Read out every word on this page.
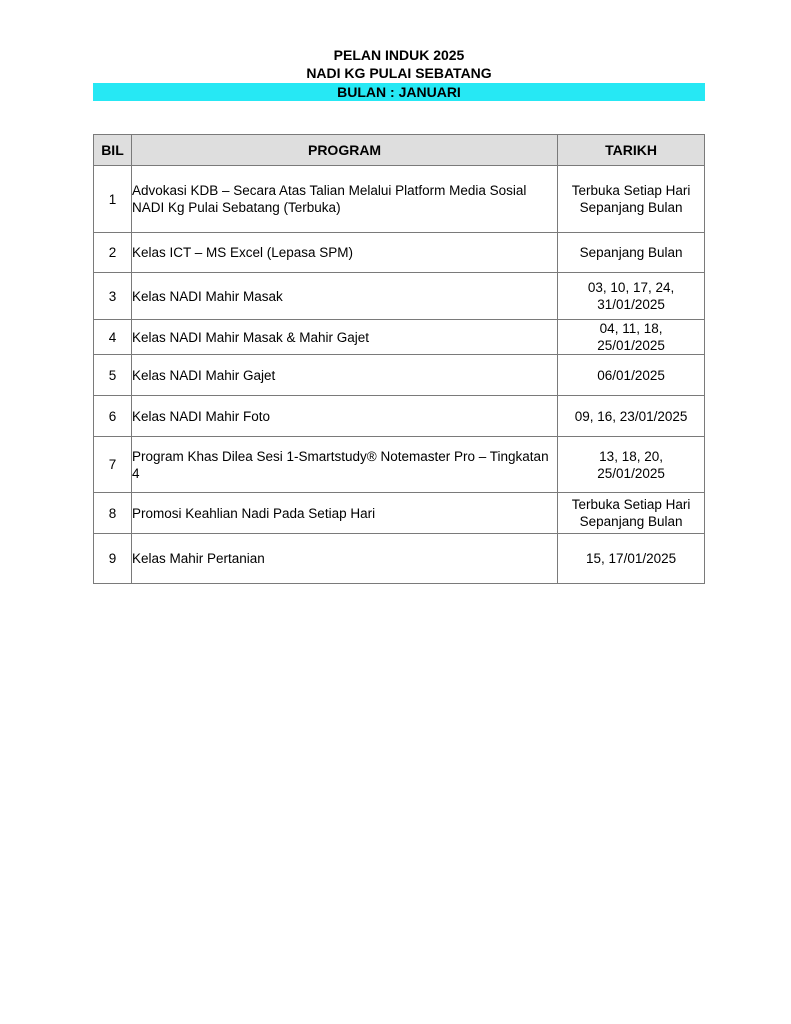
PELAN INDUK 2025
NADI KG PULAI SEBATANG
BULAN : JANUARI
BIL	PROGRAM	TARIKH
1	Advokasi KDB – Secara Atas Talian Melalui Platform Media Sosial NADI Kg Pulai Sebatang (Terbuka)	Terbuka Setiap Hari
Sepanjang Bulan
2	Kelas ICT – MS Excel (Lepasa SPM)	Sepanjang Bulan
3	Kelas NADI Mahir Masak	03, 10, 17, 24,
31/01/2025
4	Kelas NADI Mahir Masak & Mahir Gajet	04, 11, 18,
25/01/2025
5	Kelas NADI Mahir Gajet	06/01/2025
6	Kelas NADI Mahir Foto	09, 16, 23/01/2025
7	Program Khas Dilea Sesi 1-Smartstudy® Notemaster Pro – Tingkatan 4	13, 18, 20,
25/01/2025
8	Promosi Keahlian Nadi Pada Setiap Hari	Terbuka Setiap Hari
Sepanjang Bulan
9	Kelas Mahir Pertanian	15, 17/01/2025
